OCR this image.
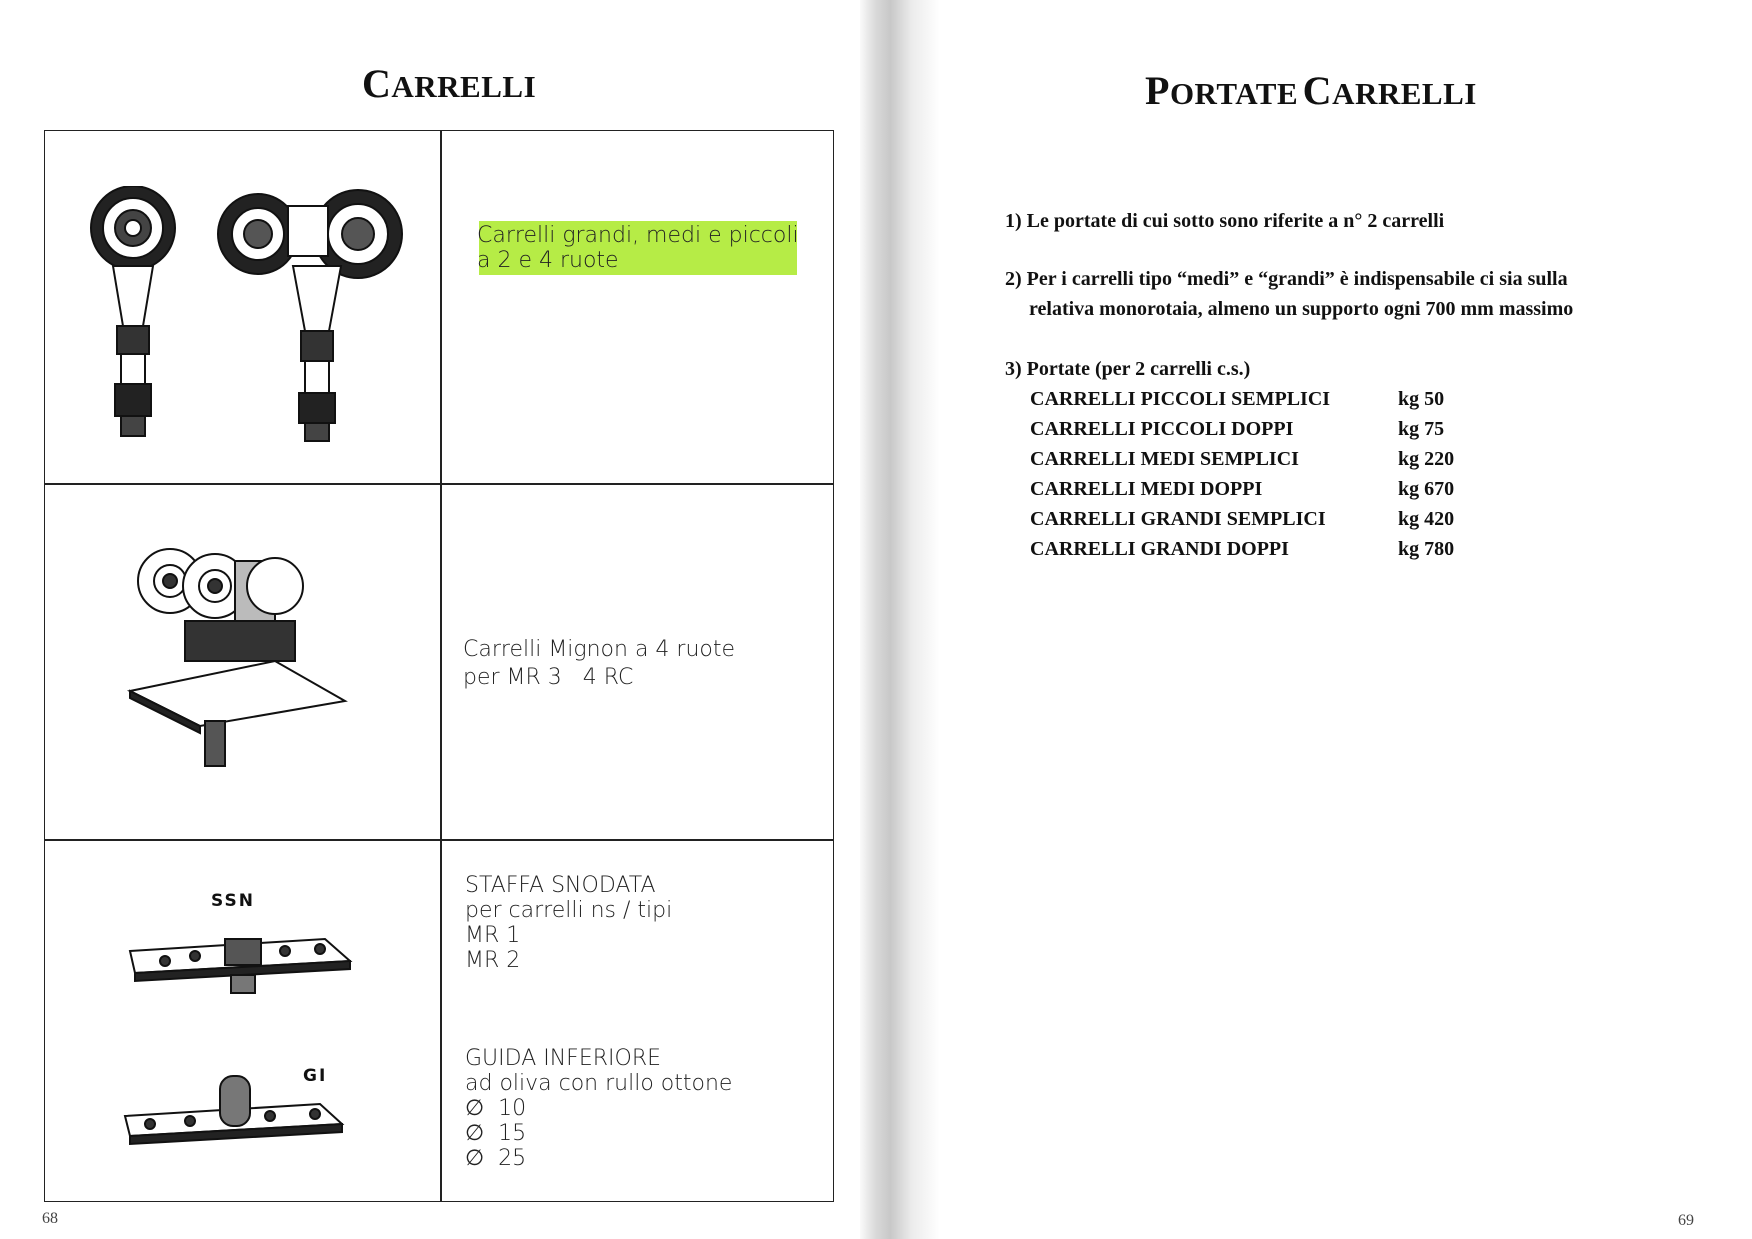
CARRELLI
Carrelli grandi, medi e piccoli
a 2 e 4 ruote
Carrelli Mignon a 4 ruote
per MR 3   4 RC
SSN
GI
STAFFA SNODATA
per carrelli ns / tipi
MR 1
MR 2
GUIDA INFERIORE
ad oliva con rullo ottone
∅  10
∅  15
∅  25
68
PORTATE CARRELLI
1) Le portate di cui sotto sono riferite a n° 2 carrelli
2) Per i carrelli tipo “medi” e “grandi” è indispensabile ci sia sulla
relativa monorotaia, almeno un supporto ogni 700 mm massimo
3) Portate (per 2 carrelli c.s.)
CARRELLI PICCOLI SEMPLICI	kg 50
CARRELLI PICCOLI DOPPI	kg 75
CARRELLI MEDI SEMPLICI	kg 220
CARRELLI MEDI DOPPI	kg 670
CARRELLI GRANDI SEMPLICI	kg 420
CARRELLI GRANDI DOPPI	kg 780
69
